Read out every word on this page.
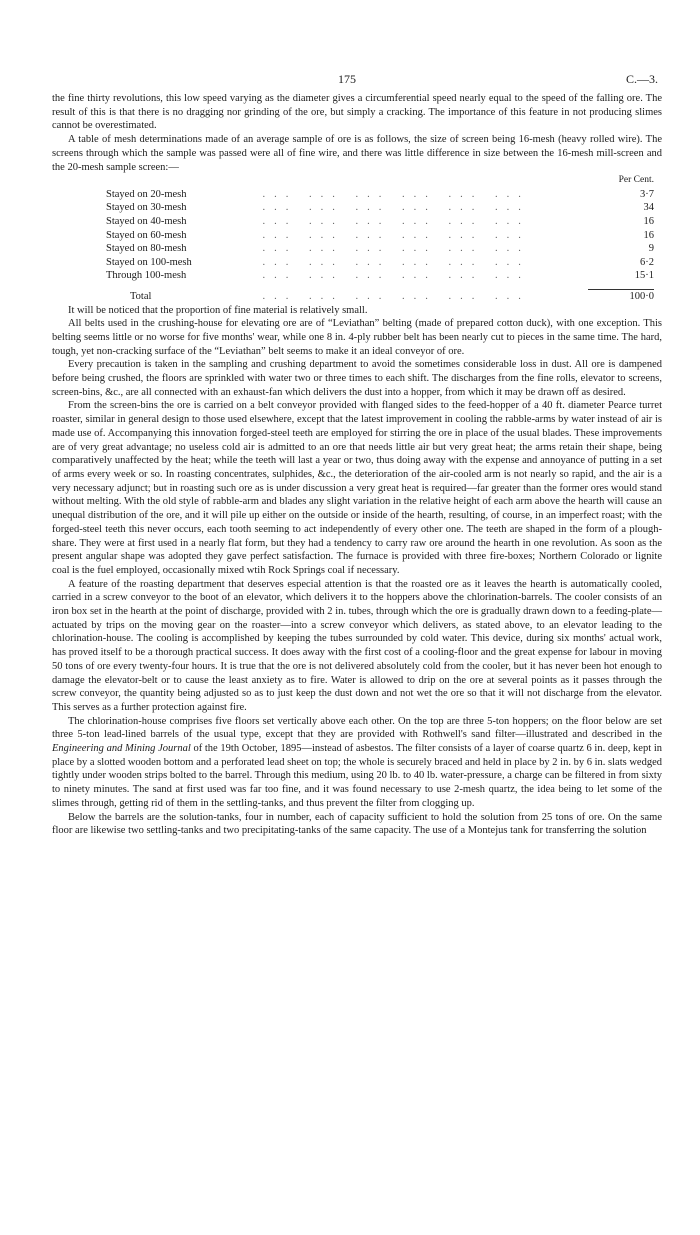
175	C.—3.

the fine thirty revolutions, this low speed varying as the diameter gives a circumferential speed nearly equal to the speed of the falling ore. The result of this is that there is no dragging nor grinding of the ore, but simply a cracking. The importance of this feature in not producing slimes cannot be overestimated.

A table of mesh determinations made of an average sample of ore is as follows, the size of screen being 16-mesh (heavy rolled wire). The screens through which the sample was passed were all of fine wire, and there was little difference in size between the 16-mesh mill-screen and the 20-mesh sample screen:—

		Per Cent.
Stayed on 20-mesh	... ... ... ... ... ...	3·7
Stayed on 30-mesh	... ... ... ... ... ...	34
Stayed on 40-mesh	... ... ... ... ... ...	16
Stayed on 60-mesh	... ... ... ... ... ...	16
Stayed on 80-mesh	... ... ... ... ... ...	9
Stayed on 100-mesh	... ... ... ... ... ...	6·2
Through 100-mesh	... ... ... ... ... ...	15·1

Total	... ... ... ... ... ...	100·0

It will be noticed that the proportion of fine material is relatively small.

All belts used in the crushing-house for elevating ore are of “Leviathan” belting (made of prepared cotton duck), with one exception. This belting seems little or no worse for five months' wear, while one 8 in. 4-ply rubber belt has been nearly cut to pieces in the same time. The hard, tough, yet non-cracking surface of the “Leviathan” belt seems to make it an ideal conveyor of ore.

Every precaution is taken in the sampling and crushing department to avoid the sometimes considerable loss in dust. All ore is dampened before being crushed, the floors are sprinkled with water two or three times to each shift. The discharges from the fine rolls, elevator to screens, screen-bins, &c., are all connected with an exhaust-fan which delivers the dust into a hopper, from which it may be drawn off as desired.

From the screen-bins the ore is carried on a belt conveyor provided with flanged sides to the feed-hopper of a 40 ft. diameter Pearce turret roaster, similar in general design to those used elsewhere, except that the latest improvement in cooling the rabble-arms by water instead of air is made use of. Accompanying this innovation forged-steel teeth are employed for stirring the ore in place of the usual blades. These improvements are of very great advantage; no useless cold air is admitted to an ore that needs little air but very great heat; the arms retain their shape, being comparatively unaffected by the heat; while the teeth will last a year or two, thus doing away with the expense and annoyance of putting in a set of arms every week or so. In roasting concentrates, sulphides, &c., the deterioration of the air-cooled arm is not nearly so rapid, and the air is a very necessary adjunct; but in roasting such ore as is under discussion a very great heat is required—far greater than the former ores would stand without melting. With the old style of rabble-arm and blades any slight variation in the relative height of each arm above the hearth will cause an unequal distribution of the ore, and it will pile up either on the outside or inside of the hearth, resulting, of course, in an imperfect roast; with the forged-steel teeth this never occurs, each tooth seeming to act independently of every other one. The teeth are shaped in the form of a plough-share. They were at first used in a nearly flat form, but they had a tendency to carry raw ore around the hearth in one revolution. As soon as the present angular shape was adopted they gave perfect satisfaction. The furnace is provided with three fire-boxes; Northern Colorado or lignite coal is the fuel employed, occasionally mixed wtih Rock Springs coal if necessary.

A feature of the roasting department that deserves especial attention is that the roasted ore as it leaves the hearth is automatically cooled, carried in a screw conveyor to the boot of an elevator, which delivers it to the hoppers above the chlorination-barrels. The cooler consists of an iron box set in the hearth at the point of discharge, provided with 2 in. tubes, through which the ore is gradually drawn down to a feeding-plate—actuated by trips on the moving gear on the roaster—into a screw conveyor which delivers, as stated above, to an elevator leading to the chlorination-house. The cooling is accomplished by keeping the tubes surrounded by cold water. This device, during six months' actual work, has proved itself to be a thorough practical success. It does away with the first cost of a cooling-floor and the great expense for labour in moving 50 tons of ore every twenty-four hours. It is true that the ore is not delivered absolutely cold from the cooler, but it has never been hot enough to damage the elevator-belt or to cause the least anxiety as to fire. Water is allowed to drip on the ore at several points as it passes through the screw conveyor, the quantity being adjusted so as to just keep the dust down and not wet the ore so that it will not discharge from the elevator. This serves as a further protection against fire.

The chlorination-house comprises five floors set vertically above each other. On the top are three 5-ton hoppers; on the floor below are set three 5-ton lead-lined barrels of the usual type, except that they are provided with Rothwell's sand filter—illustrated and described in the Engineering and Mining Journal of the 19th October, 1895—instead of asbestos. The filter consists of a layer of coarse quartz 6 in. deep, kept in place by a slotted wooden bottom and a perforated lead sheet on top; the whole is securely braced and held in place by 2 in. by 6 in. slats wedged tightly under wooden strips bolted to the barrel. Through this medium, using 20 lb. to 40 lb. water-pressure, a charge can be filtered in from sixty to ninety minutes. The sand at first used was far too fine, and it was found necessary to use 2-mesh quartz, the idea being to let some of the slimes through, getting rid of them in the settling-tanks, and thus prevent the filter from clogging up.

Below the barrels are the solution-tanks, four in number, each of capacity sufficient to hold the solution from 25 tons of ore. On the same floor are likewise two settling-tanks and two precipitating-tanks of the same capacity. The use of a Montejus tank for transferring the solution
